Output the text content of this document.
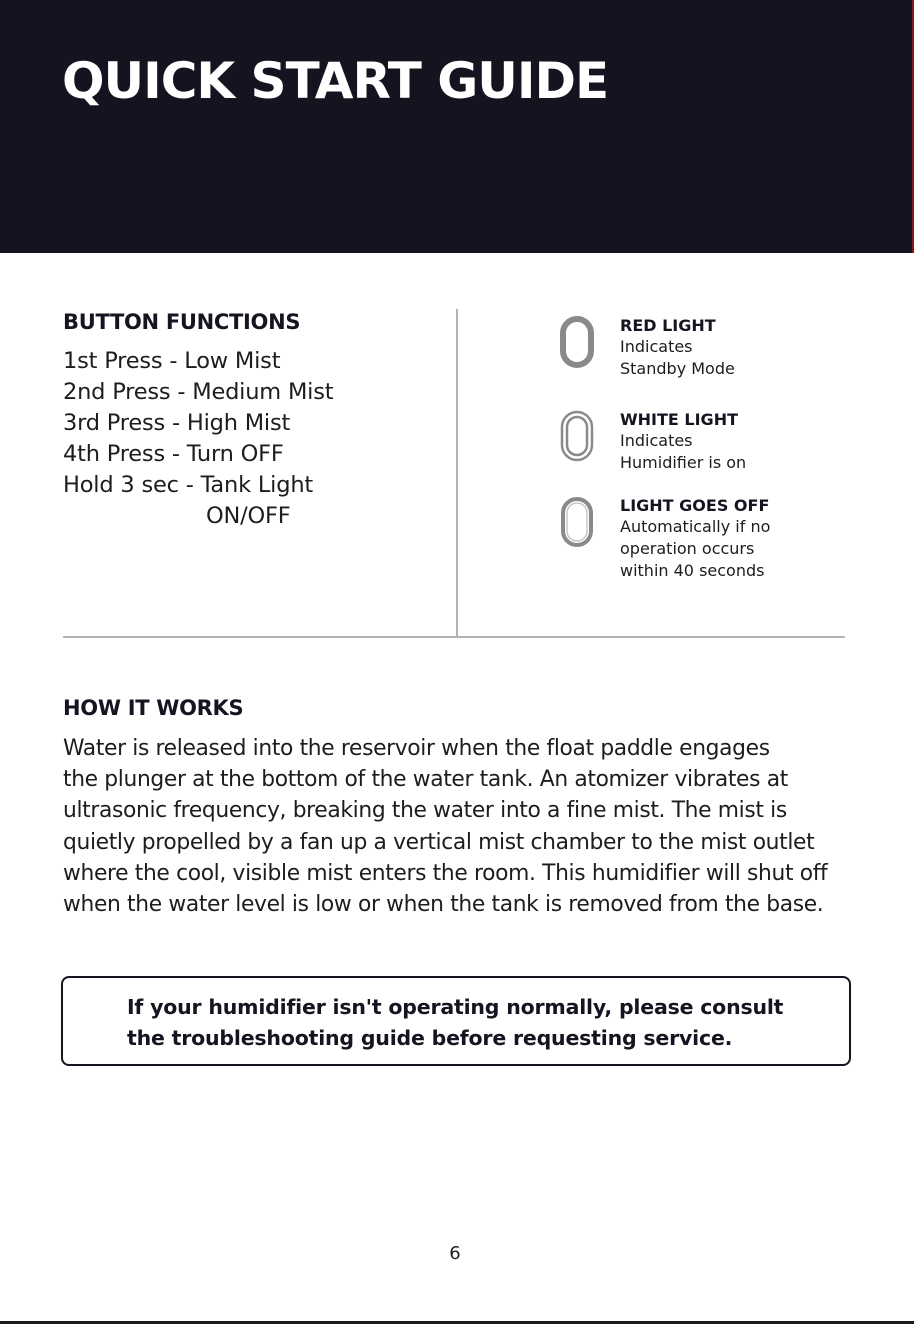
QUICK START GUIDE
BUTTON FUNCTIONS
1st Press - Low Mist
2nd Press - Medium Mist
3rd Press - High Mist
4th Press - Turn OFF
Hold 3 sec - Tank Light
ON/OFF
RED LIGHT
Indicates
Standby Mode
WHITE LIGHT
Indicates
Humidifier is on
LIGHT GOES OFF
Automatically if no
operation occurs
within 40 seconds
HOW IT WORKS

Water is released into the reservoir when the float paddle engages
the plunger at the bottom of the water tank. An atomizer vibrates at
ultrasonic frequency, breaking the water into a fine mist. The mist is
quietly propelled by a fan up a vertical mist chamber to the mist outlet
where the cool, visible mist enters the room. This humidifier will shut off
when the water level is low or when the tank is removed from the base.

If your humidifier isn't operating normally, please consult
the troubleshooting guide before requesting service.

6
